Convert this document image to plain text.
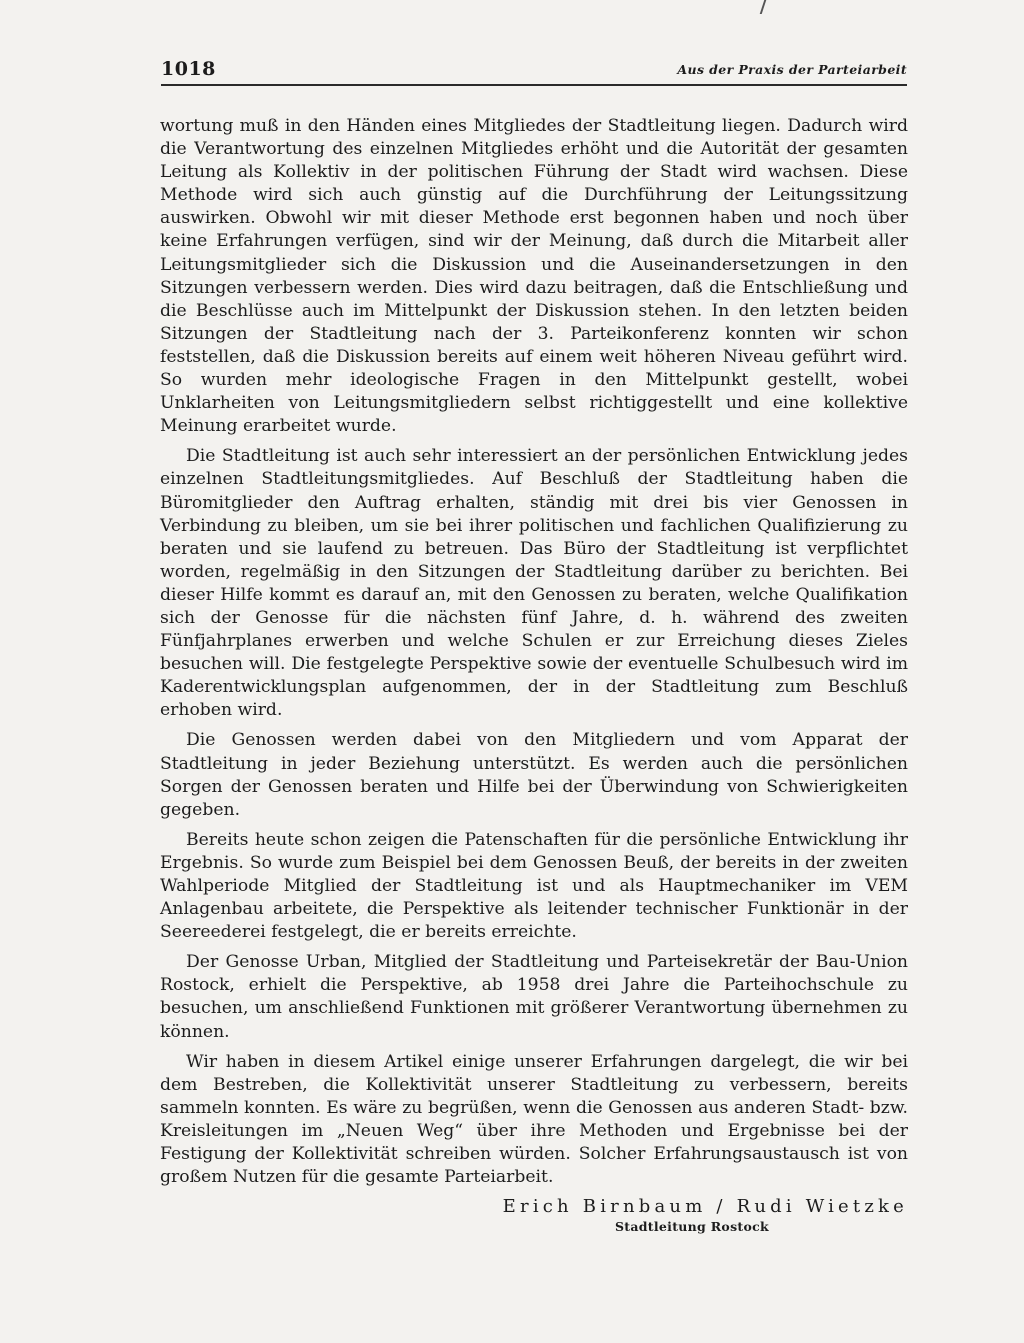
1018	Aus der Praxis der Parteiarbeit

wortung muß in den Händen eines Mitgliedes der Stadtleitung liegen. Dadurch wird die Verantwortung des einzelnen Mitgliedes erhöht und die Autorität der gesamten Leitung als Kollektiv in der politischen Führung der Stadt wird wachsen. Diese Methode wird sich auch günstig auf die Durchführung der Leitungssitzung auswirken. Obwohl wir mit dieser Methode erst begonnen haben und noch über keine Erfahrungen verfügen, sind wir der Meinung, daß durch die Mitarbeit aller Leitungsmitglieder sich die Diskussion und die Auseinandersetzungen in den Sitzungen verbessern werden. Dies wird dazu beitragen, daß die Entschließung und die Beschlüsse auch im Mittelpunkt der Diskussion stehen. In den letzten beiden Sitzungen der Stadtleitung nach der 3. Parteikonferenz konnten wir schon feststellen, daß die Diskussion bereits auf einem weit höheren Niveau geführt wird. So wurden mehr ideologische Fragen in den Mittelpunkt gestellt, wobei Unklarheiten von Leitungsmitgliedern selbst richtiggestellt und eine kollektive Meinung erarbeitet wurde.

Die Stadtleitung ist auch sehr interessiert an der persönlichen Entwicklung jedes einzelnen Stadtleitungsmitgliedes. Auf Beschluß der Stadtleitung haben die Büromitglieder den Auftrag erhalten, ständig mit drei bis vier Genossen in Verbindung zu bleiben, um sie bei ihrer politischen und fachlichen Qualifizierung zu beraten und sie laufend zu betreuen. Das Büro der Stadtleitung ist verpflichtet worden, regelmäßig in den Sitzungen der Stadtleitung darüber zu berichten. Bei dieser Hilfe kommt es darauf an, mit den Genossen zu beraten, welche Qualifikation sich der Genosse für die nächsten fünf Jahre, d. h. während des zweiten Fünfjahrplanes erwerben und welche Schulen er zur Erreichung dieses Zieles besuchen will. Die festgelegte Perspektive sowie der eventuelle Schulbesuch wird im Kaderentwicklungsplan aufgenommen, der in der Stadtleitung zum Beschluß erhoben wird.

Die Genossen werden dabei von den Mitgliedern und vom Apparat der Stadtleitung in jeder Beziehung unterstützt. Es werden auch die persönlichen Sorgen der Genossen beraten und Hilfe bei der Überwindung von Schwierigkeiten gegeben.

Bereits heute schon zeigen die Patenschaften für die persönliche Entwicklung ihr Ergebnis. So wurde zum Beispiel bei dem Genossen Beuß, der bereits in der zweiten Wahlperiode Mitglied der Stadtleitung ist und als Hauptmechaniker im VEM Anlagenbau arbeitete, die Perspektive als leitender technischer Funktionär in der Seereederei festgelegt, die er bereits erreichte.

Der Genosse Urban, Mitglied der Stadtleitung und Parteisekretär der Bau-Union Rostock, erhielt die Perspektive, ab 1958 drei Jahre die Parteihochschule zu besuchen, um anschließend Funktionen mit größerer Verantwortung übernehmen zu können.

Wir haben in diesem Artikel einige unserer Erfahrungen dargelegt, die wir bei dem Bestreben, die Kollektivität unserer Stadtleitung zu verbessern, bereits sammeln konnten. Es wäre zu begrüßen, wenn die Genossen aus anderen Stadt- bzw. Kreisleitungen im „Neuen Weg“ über ihre Methoden und Ergebnisse bei der Festigung der Kollektivität schreiben würden. Solcher Erfahrungsaustausch ist von großem Nutzen für die gesamte Parteiarbeit.

Erich Birnbaum / Rudi Wietzke
Stadtleitung Rostock
